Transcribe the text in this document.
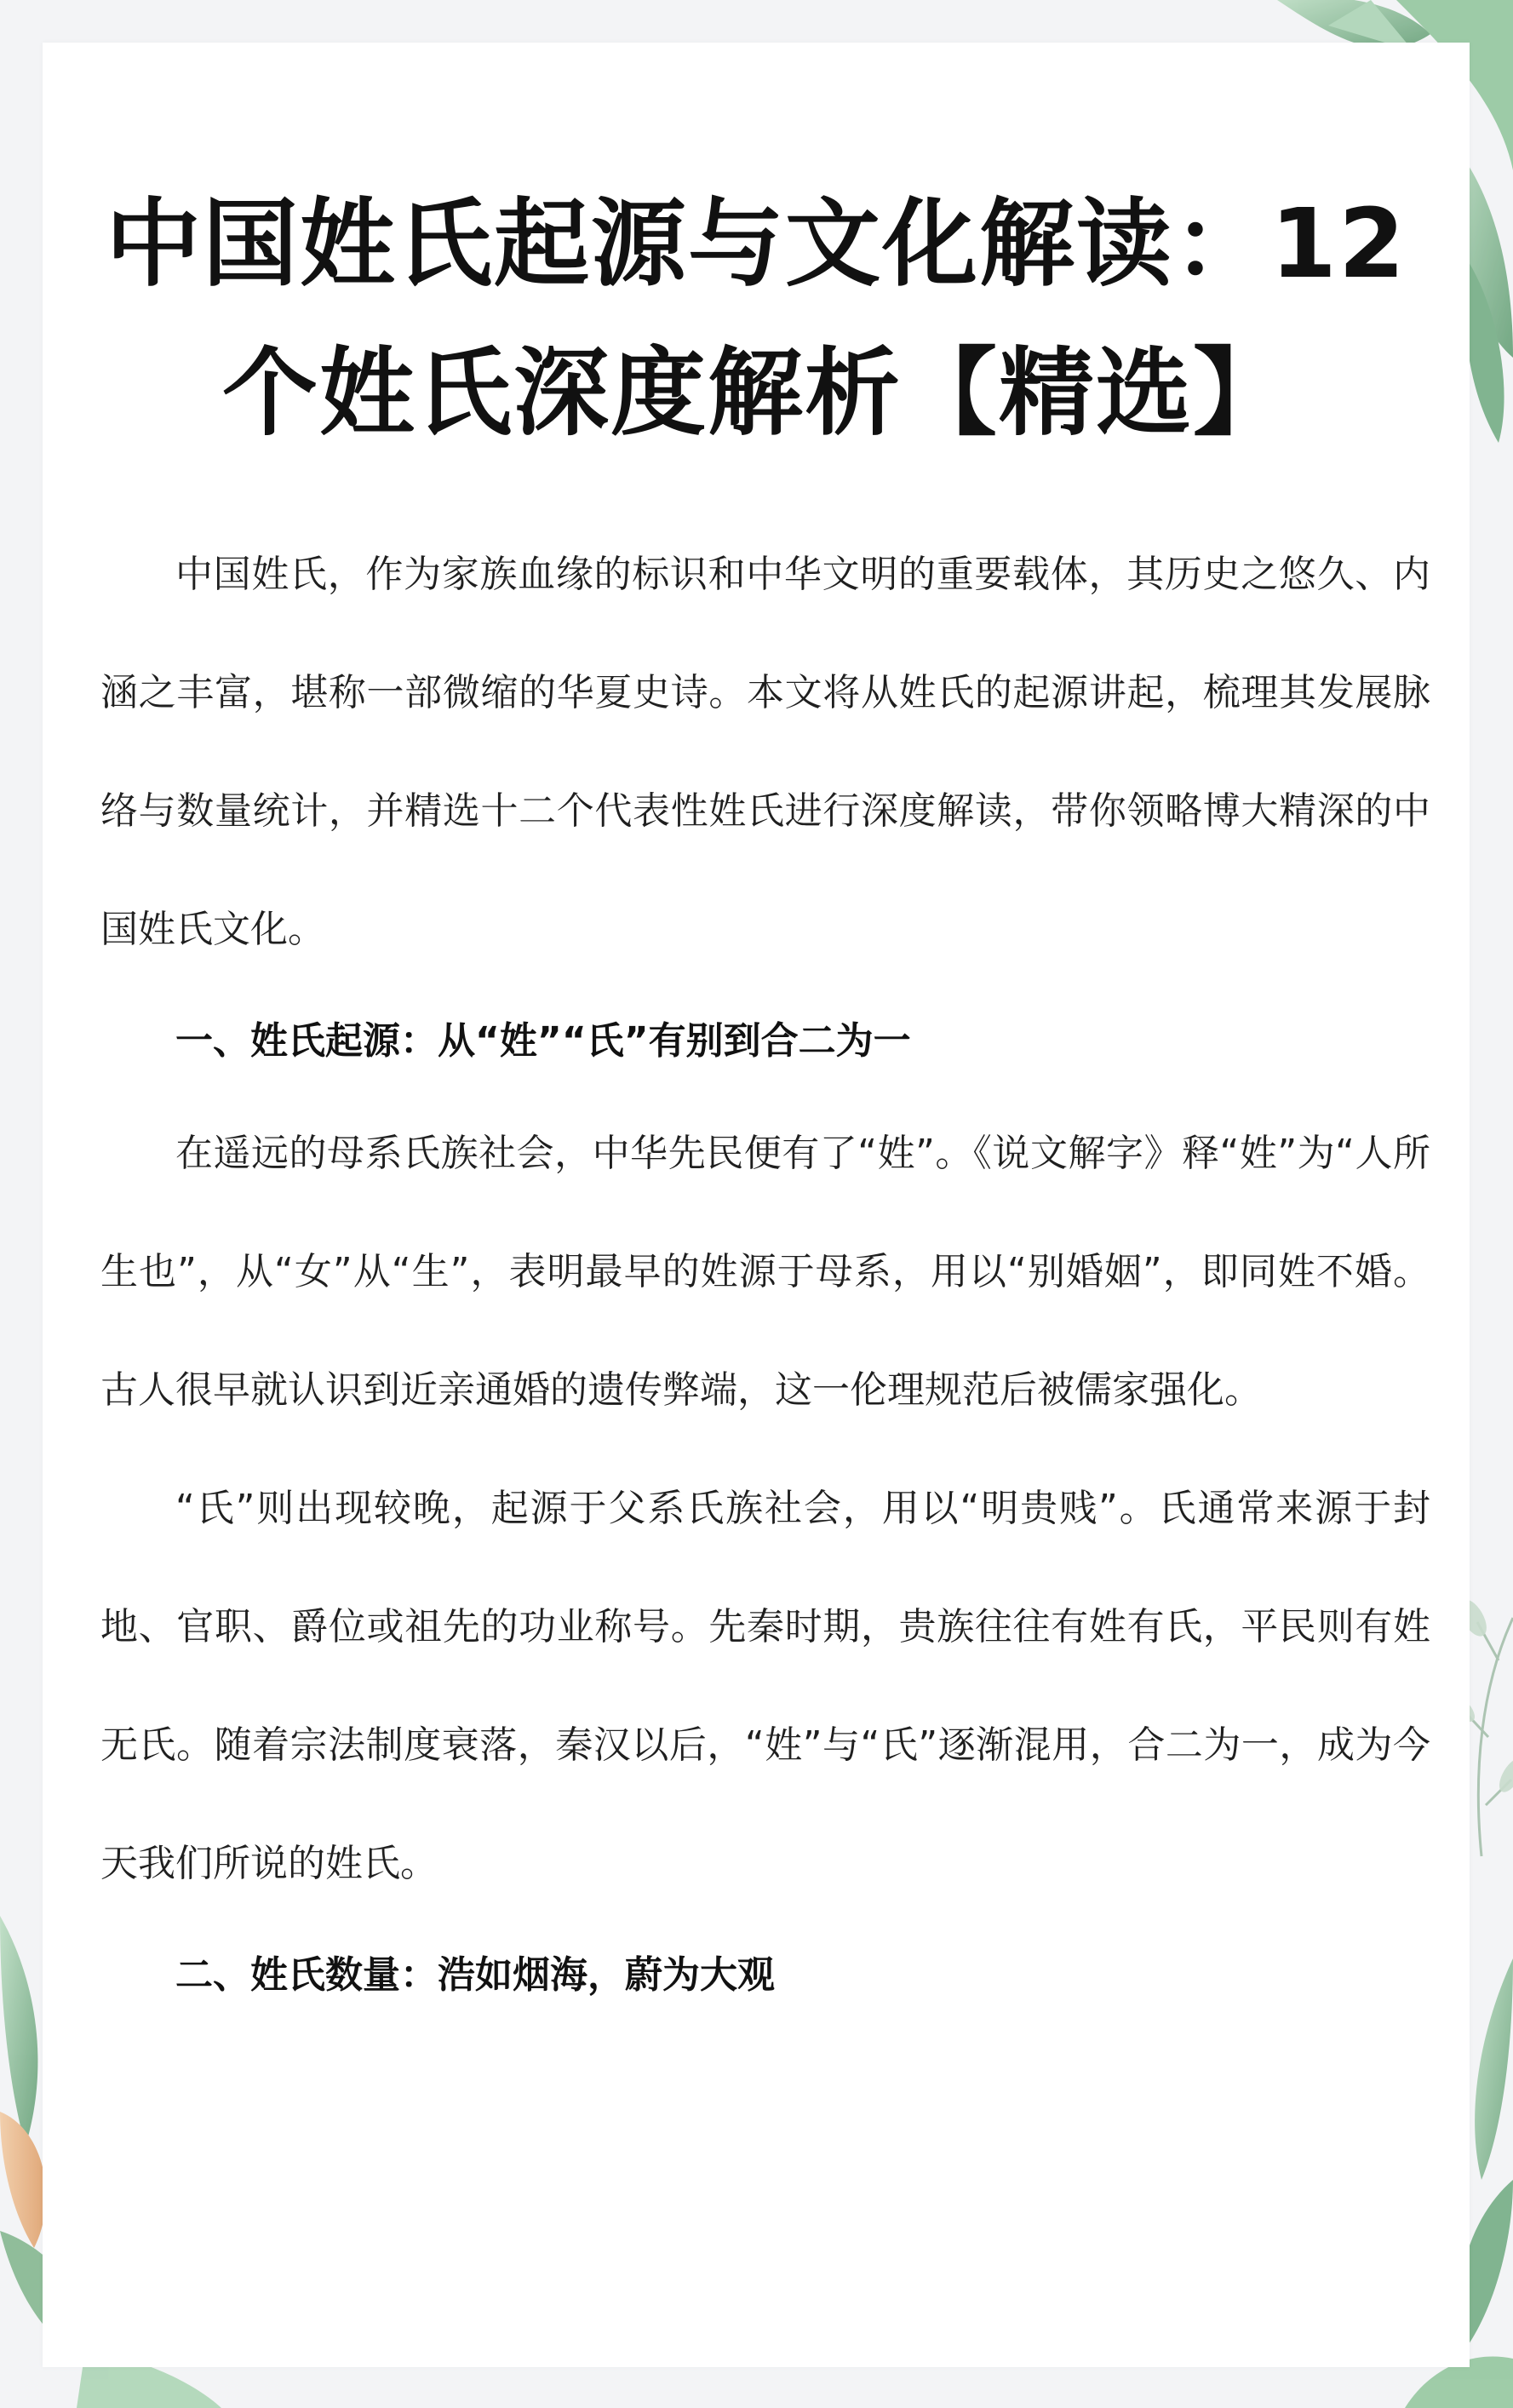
中国姓氏起源与文化解读：12个姓氏深度解析【精选】

中国姓氏，作为家族血缘的标识和中华文明的重要载体，其历史之悠久、内涵之丰富，堪称一部微缩的华夏史诗。本文将从姓氏的起源讲起，梳理其发展脉络与数量统计，并精选十二个代表性姓氏进行深度解读，带你领略博大精深的中国姓氏文化。

一、姓氏起源：从“姓”“氏”有别到合二为一

在遥远的母系氏族社会，中华先民便有了“姓”。《说文解字》释“姓”为“人所生也”，从“女”从“生”，表明最早的姓源于母系，用以“别婚姻”，即同姓不婚。古人很早就认识到近亲通婚的遗传弊端，这一伦理规范后被儒家强化。

“氏”则出现较晚，起源于父系氏族社会，用以“明贵贱”。氏通常来源于封地、官职、爵位或祖先的功业称号。先秦时期，贵族往往有姓有氏，平民则有姓无氏。随着宗法制度衰落，秦汉以后，“姓”与“氏”逐渐混用，合二为一，成为今天我们所说的姓氏。

二、姓氏数量：浩如烟海，蔚为大观
